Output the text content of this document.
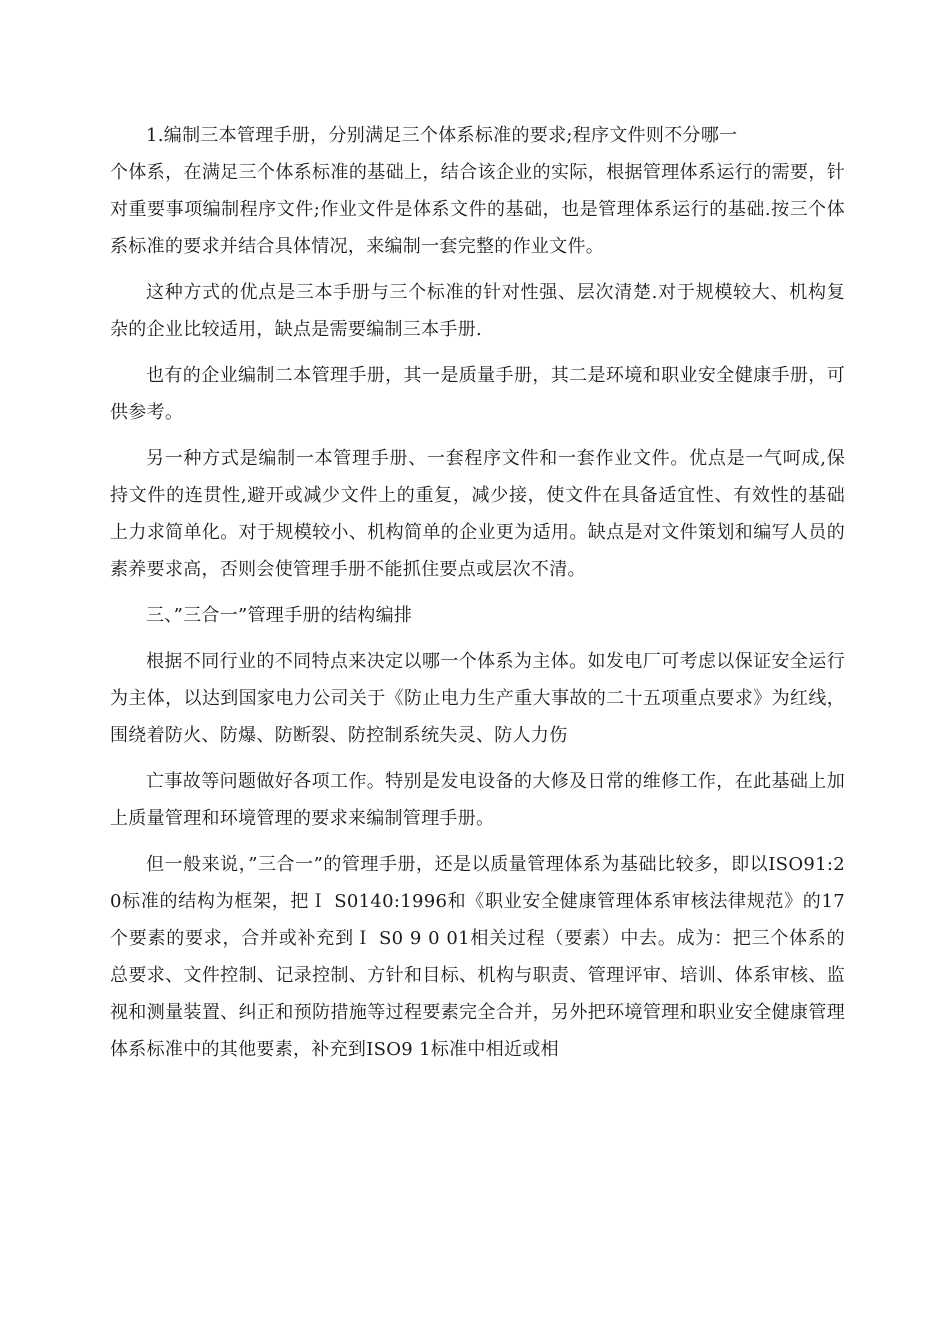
1.编制三本管理手册，分别满足三个体系标准的要求;程序文件则不分哪一

个体系，在满足三个体系标准的基础上，结合该企业的实际，根据管理体系运行的需要，针对重要事项编制程序文件;作业文件是体系文件的基础，也是管理体系运行的基础.按三个体系标准的要求并结合具体情况，来编制一套完整的作业文件。

这种方式的优点是三本手册与三个标准的针对性强、层次清楚.对于规模较大、机构复杂的企业比较适用，缺点是需要编制三本手册.

也有的企业编制二本管理手册，其一是质量手册，其二是环境和职业安全健康手册，可供参考。

另一种方式是编制一本管理手册、一套程序文件和一套作业文件。优点是一气呵成,保持文件的连贯性,避开或减少文件上的重复，减少接，使文件在具备适宜性、有效性的基础上力求简单化。对于规模较小、机构简单的企业更为适用。缺点是对文件策划和编写人员的素养要求高，否则会使管理手册不能抓住要点或层次不清。

三、”三合一”管理手册的结构编排

根据不同行业的不同特点来决定以哪一个体系为主体。如发电厂可考虑以保证安全运行为主体，以达到国家电力公司关于《防止电力生产重大事故的二十五项重点要求》为红线，围绕着防火、防爆、防断裂、防控制系统失灵、防人力伤

亡事故等问题做好各项工作。特别是发电设备的大修及日常的维修工作，在此基础上加上质量管理和环境管理的要求来编制管理手册。

但一般来说，”三合一”的管理手册，还是以质量管理体系为基础比较多，即以ISO91:2 0标准的结构为框架，把Ｉ S0140:1996和《职业安全健康管理体系审核法律规范》的17个要素的要求，合并或补充到Ｉ S0 9 0 01相关过程（要素）中去。成为：把三个体系的总要求、文件控制、记录控制、方针和目标、机构与职责、管理评审、培训、体系审核、监视和测量装置、纠正和预防措施等过程要素完全合并，另外把环境管理和职业安全健康管理体系标准中的其他要素，补充到ISO9 1标准中相近或相
